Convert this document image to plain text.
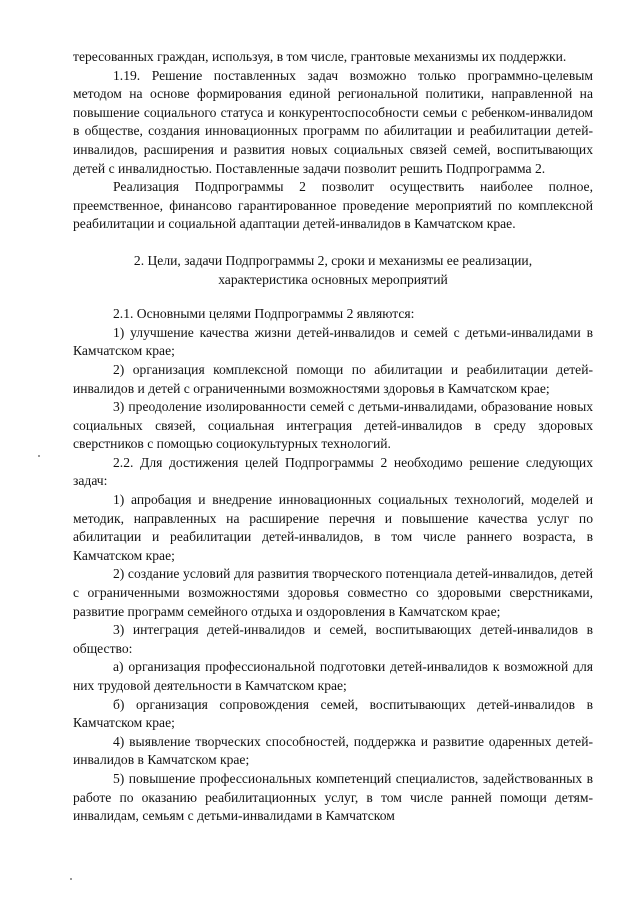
тересованных граждан, используя, в том числе, грантовые механизмы их поддержки.

1.19. Решение поставленных задач возможно только программно-целевым методом на основе формирования единой региональной политики, направленной на повышение социального статуса и конкурентоспособности семьи с ребенком-инвалидом в обществе, создания инновационных программ по абилитации и реабилитации детей-инвалидов, расширения и развития новых социальных связей семей, воспитывающих детей с инвалидностью. Поставленные задачи позволит решить Подпрограмма 2.

Реализация Подпрограммы 2 позволит осуществить наиболее полное, преемственное, финансово гарантированное проведение мероприятий по комплексной реабилитации и социальной адаптации детей-инвалидов в Камчатском крае.

2. Цели, задачи Подпрограммы 2, сроки и механизмы ее реализации,
характеристика основных мероприятий

2.1. Основными целями Подпрограммы 2 являются:

1) улучшение качества жизни детей-инвалидов и семей с детьми-инвалидами в Камчатском крае;

2) организация комплексной помощи по абилитации и реабилитации детей-инвалидов и детей с ограниченными возможностями здоровья в Камчатском крае;

3) преодоление изолированности семей с детьми-инвалидами, образование новых социальных связей, социальная интеграция детей-инвалидов в среду здоровых сверстников с помощью социокультурных технологий.

2.2. Для достижения целей Подпрограммы 2 необходимо решение следующих задач:

1) апробация и внедрение инновационных социальных технологий, моделей и методик, направленных на расширение перечня и повышение качества услуг по абилитации и реабилитации детей-инвалидов, в том числе раннего возраста, в Камчатском крае;

2) создание условий для развития творческого потенциала детей-инвалидов, детей с ограниченными возможностями здоровья совместно со здоровыми сверстниками, развитие программ семейного отдыха и оздоровления в Камчатском крае;

3) интеграция детей-инвалидов и семей, воспитывающих детей-инвалидов в общество:

а) организация профессиональной подготовки детей-инвалидов к возможной для них трудовой деятельности в Камчатском крае;

б) организация сопровождения семей, воспитывающих детей-инвалидов в Камчатском крае;

4) выявление творческих способностей, поддержка и развитие одаренных детей-инвалидов в Камчатском крае;

5) повышение профессиональных компетенций специалистов, задействованных в работе по оказанию реабилитационных услуг, в том числе ранней помощи детям-инвалидам, семьям с детьми-инвалидами в Камчатском
